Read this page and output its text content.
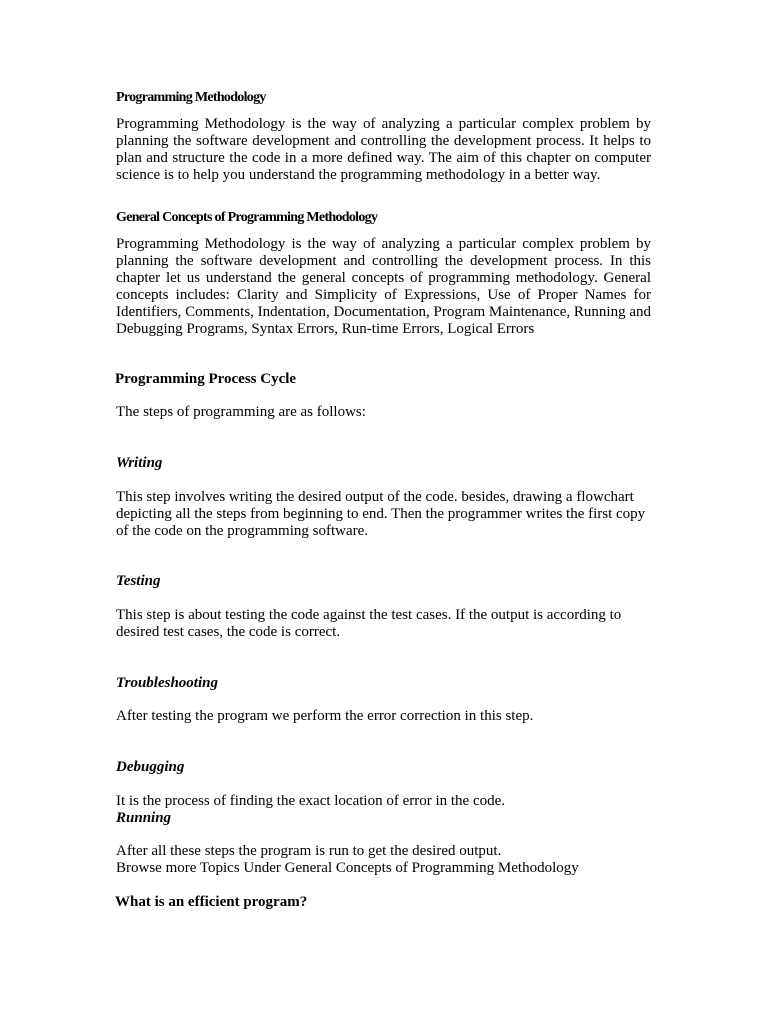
Programming Methodology

Programming Methodology is the way of analyzing a particular complex problem by planning the software development and controlling the development process. It helps to plan and structure the code in a more defined way. The aim of this chapter on computer science is to help you understand the programming methodology in a better way.

General Concepts of Programming Methodology

Programming Methodology is the way of analyzing a particular complex problem by planning the software development and controlling the development process. In this chapter let us understand the general concepts of programming methodology. General concepts includes: Clarity and Simplicity of Expressions, Use of Proper Names for Identifiers, Comments, Indentation, Documentation, Program Maintenance, Running and Debugging Programs, Syntax Errors, Run-time Errors, Logical Errors

Programming Process Cycle

The steps of programming are as follows:

Writing

This step involves writing the desired output of the code. besides, drawing a flowchart depicting all the steps from beginning to end. Then the programmer writes the first copy of the code on the programming software.

Testing

This step is about testing the code against the test cases. If the output is according to desired test cases, the code is correct.

Troubleshooting

After testing the program we perform the error correction in this step.

Debugging

It is the process of finding the exact location of error in the code.

Running

After all these steps the program is run to get the desired output.

Browse more Topics Under General Concepts of Programming Methodology

What is an efficient program?
